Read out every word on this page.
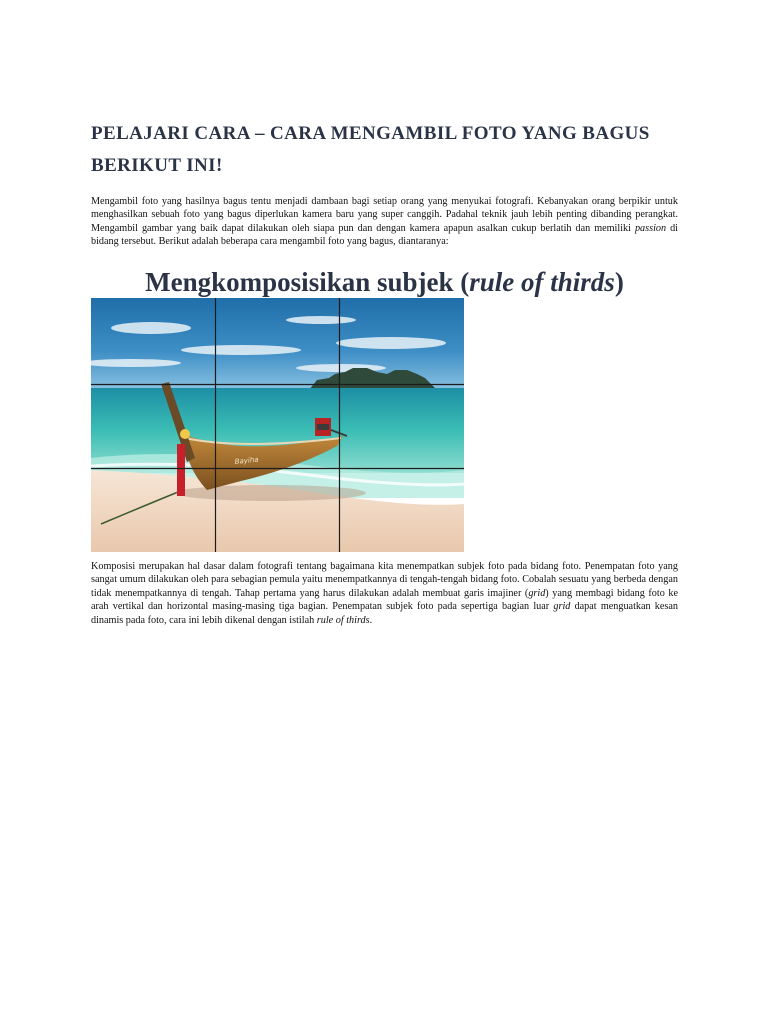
PELAJARI CARA – CARA MENGAMBIL FOTO YANG BAGUS BERIKUT INI!

Mengambil foto yang hasilnya bagus tentu menjadi dambaan bagi setiap orang yang menyukai fotografi. Kebanyakan orang berpikir untuk menghasilkan sebuah foto yang bagus diperlukan kamera baru yang super canggih. Padahal teknik jauh lebih penting dibanding perangkat. Mengambil gambar yang baik dapat dilakukan oleh siapa pun dan dengan kamera apapun asalkan cukup berlatih dan memiliki passion di bidang tersebut. Berikut adalah beberapa cara mengambil foto yang bagus, diantaranya:

Mengkomposisikan subjek (rule of thirds)
Bayiha

Komposisi merupakan hal dasar dalam fotografi tentang bagaimana kita menempatkan subjek foto pada bidang foto. Penempatan foto yang sangat umum dilakukan oleh para sebagian pemula yaitu menempatkannya di tengah-tengah bidang foto. Cobalah sesuatu yang berbeda dengan tidak menempatkannya di tengah. Tahap pertama yang harus dilakukan adalah membuat garis imajiner (grid) yang membagi bidang foto ke arah vertikal dan horizontal masing-masing tiga bagian. Penempatan subjek foto pada sepertiga bagian luar grid dapat menguatkan kesan dinamis pada foto, cara ini lebih dikenal dengan istilah rule of thirds.
